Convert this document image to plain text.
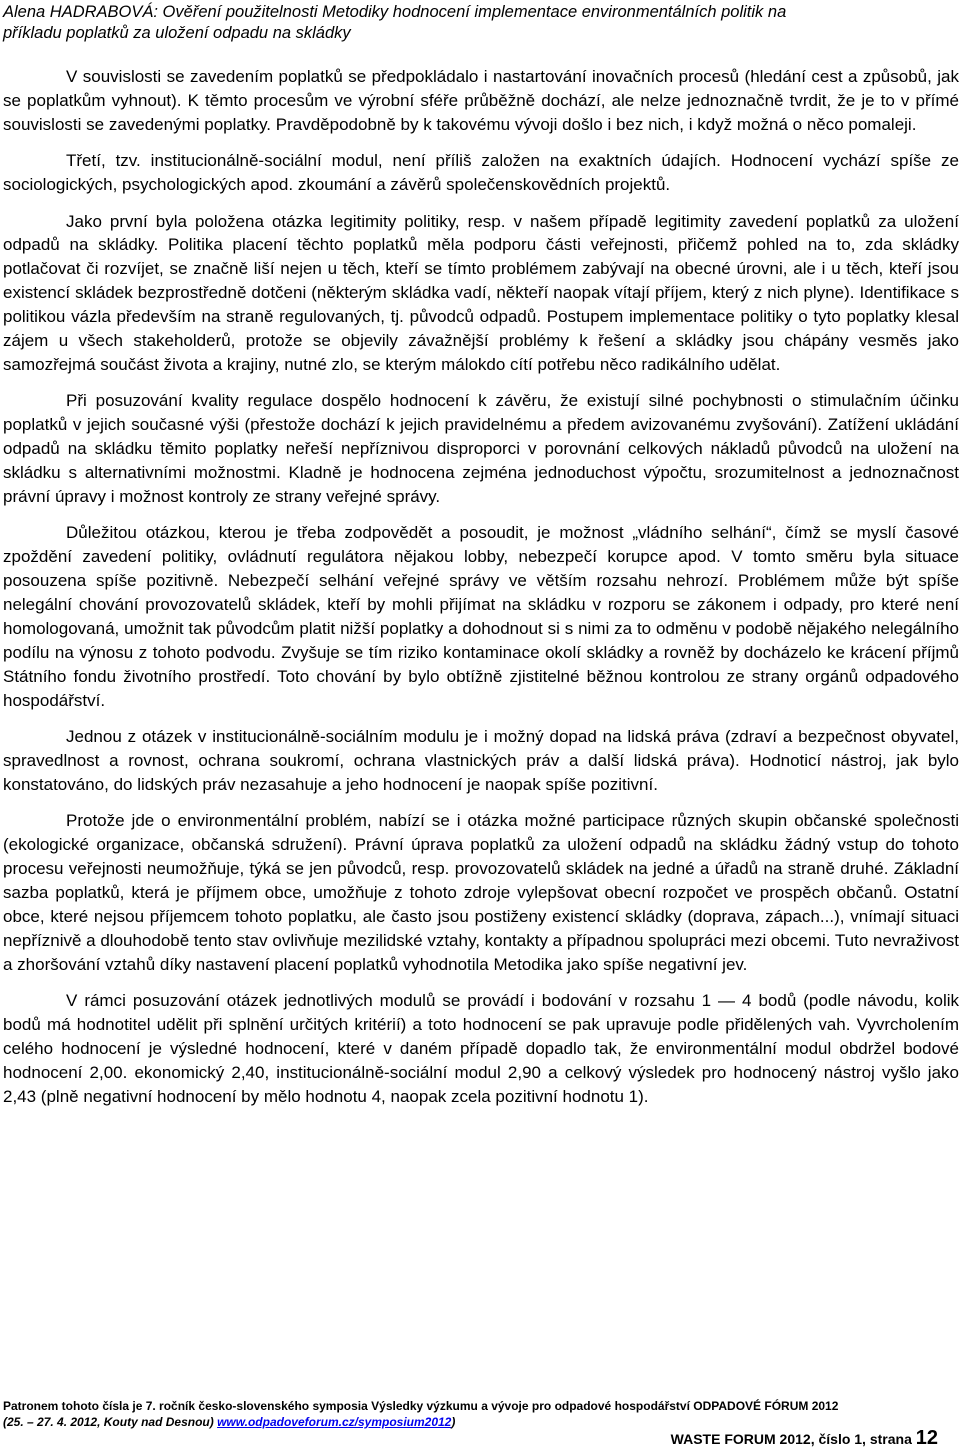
Alena HADRABOVÁ: Ověření použitelnosti Metodiky hodnocení implementace environmentálních politik na
příkladu poplatků za uložení odpadu na skládky

V souvislosti se zavedením poplatků se předpokládalo i nastartování inovačních procesů (hledání cest a způsobů, jak se poplatkům vyhnout). K těmto procesům ve výrobní sféře průběžně dochází, ale nelze jednoznačně tvrdit, že je to v přímé souvislosti se zavedenými poplatky. Pravděpodobně by k takovému vývoji došlo i bez nich, i když možná o něco pomaleji.

Třetí, tzv. institucionálně-sociální modul, není příliš založen na exaktních údajích. Hodnocení vychází spíše ze sociologických, psychologických apod. zkoumání a závěrů společenskovědních projektů.

Jako první byla položena otázka legitimity politiky, resp. v našem případě legitimity zavedení poplatků za uložení odpadů na skládky. Politika placení těchto poplatků měla podporu části veřejnosti, přičemž pohled na to, zda skládky potlačovat či rozvíjet, se značně liší nejen u těch, kteří se tímto problémem zabývají na obecné úrovni, ale i u těch, kteří jsou existencí skládek bezprostředně dotčeni (některým skládka vadí, někteří naopak vítají příjem, který z nich plyne). Identifikace s politikou vázla především na straně regulovaných, tj. původců odpadů. Postupem implementace politiky o tyto poplatky klesal zájem u všech stakeholderů, protože se objevily závažnější problémy k řešení a skládky jsou chápány vesměs jako samozřejmá součást života a krajiny, nutné zlo, se kterým málokdo cítí potřebu něco radikálního udělat.

Při posuzování kvality regulace dospělo hodnocení k závěru, že existují silné pochybnosti o stimulačním účinku poplatků v jejich současné výši (přestože dochází k jejich pravidelnému a předem avizovanému zvyšování). Zatížení ukládání odpadů na skládku těmito poplatky neřeší nepříznivou disproporci v porovnání celkových nákladů původců na uložení na skládku s alternativními možnostmi. Kladně je hodnocena zejména jednoduchost výpočtu, srozumitelnost a jednoznačnost právní úpravy i možnost kontroly ze strany veřejné správy.

Důležitou otázkou, kterou je třeba zodpovědět a posoudit, je možnost „vládního selhání“, čímž se myslí časové zpoždění zavedení politiky, ovládnutí regulátora nějakou lobby, nebezpečí korupce apod. V tomto směru byla situace posouzena spíše pozitivně. Nebezpečí selhání veřejné správy ve větším rozsahu nehrozí. Problémem může být spíše nelegální chování provozovatelů skládek, kteří by mohli přijímat na skládku v rozporu se zákonem i odpady, pro které není homologovaná, umožnit tak původcům platit nižší poplatky a dohodnout si s nimi za to odměnu v podobě nějakého nelegálního podílu na výnosu z tohoto podvodu. Zvyšuje se tím riziko kontaminace okolí skládky a rovněž by docházelo ke krácení příjmů Státního fondu životního prostředí. Toto chování by bylo obtížně zjistitelné běžnou kontrolou ze strany orgánů odpadového hospodářství.

Jednou z otázek v institucionálně-sociálním modulu je i možný dopad na lidská práva (zdraví a bezpečnost obyvatel, spravedlnost a rovnost, ochrana soukromí, ochrana vlastnických práv a další lidská práva). Hodnoticí nástroj, jak bylo konstatováno, do lidských práv nezasahuje a jeho hodnocení je naopak spíše pozitivní.

Protože jde o environmentální problém, nabízí se i otázka možné participace různých skupin občanské společnosti (ekologické organizace, občanská sdružení). Právní úprava poplatků za uložení odpadů na skládku žádný vstup do tohoto procesu veřejnosti neumožňuje, týká se jen původců, resp. provozovatelů skládek na jedné a úřadů na straně druhé. Základní sazba poplatků, která je příjmem obce, umožňuje z tohoto zdroje vylepšovat obecní rozpočet ve prospěch občanů. Ostatní obce, které nejsou příjemcem tohoto poplatku, ale často jsou postiženy existencí skládky (doprava, zápach...), vnímají situaci nepříznivě a dlouhodobě tento stav ovlivňuje mezilidské vztahy, kontakty a případnou spolupráci mezi obcemi. Tuto nevraživost a zhoršování vztahů díky nastavení placení poplatků vyhodnotila Metodika jako spíše negativní jev.

V rámci posuzování otázek jednotlivých modulů se provádí i bodování v rozsahu 1 — 4 bodů (podle návodu, kolik bodů má hodnotitel udělit při splnění určitých kritérií) a toto hodnocení se pak upravuje podle přidělených vah. Vyvrcholením celého hodnocení je výsledné hodnocení, které v daném případě dopadlo tak, že environmentální modul obdržel bodové hodnocení 2,00. ekonomický 2,40, institucionálně-sociální modul 2,90 a celkový výsledek pro hodnocený nástroj vyšlo jako 2,43 (plně negativní hodnocení by mělo hodnotu 4, naopak zcela pozitivní hodnotu 1).

Patronem tohoto čísla je 7. ročník česko-slovenského symposia Výsledky výzkumu a vývoje pro odpadové hospodářství ODPADOVÉ FÓRUM 2012
(25. – 27. 4. 2012, Kouty nad Desnou) www.odpadoveforum.cz/symposium2012)
WASTE FORUM 2012, číslo 1, strana 12
